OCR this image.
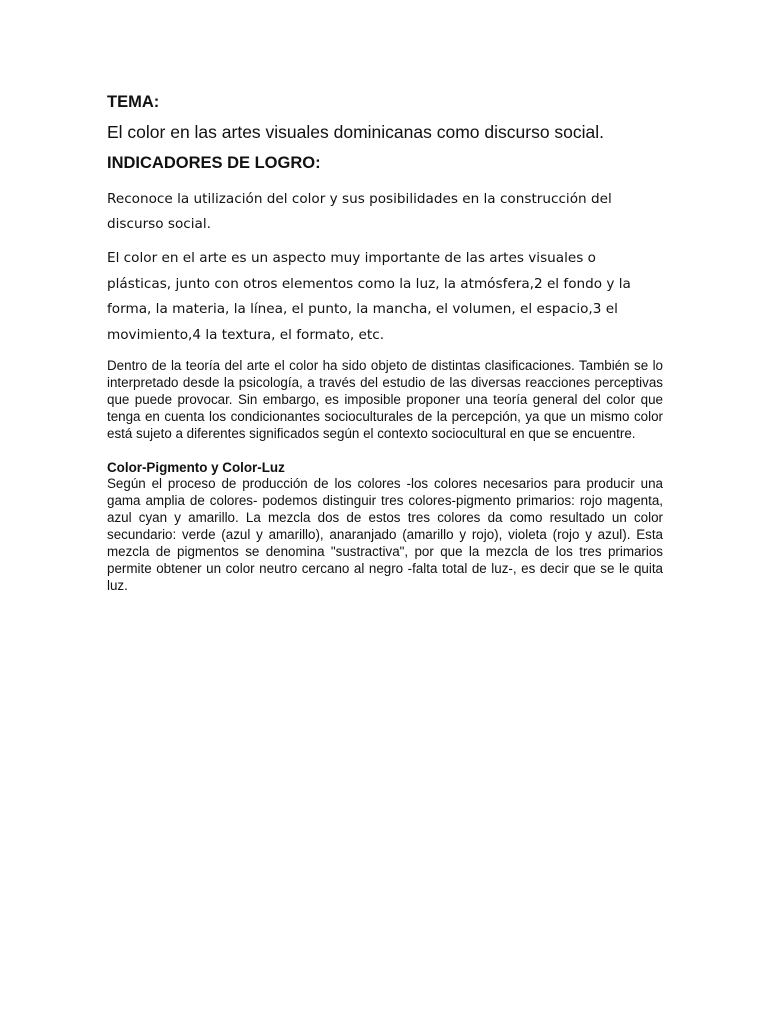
TEMA:

El color en las artes visuales dominicanas como discurso social.

INDICADORES DE LOGRO:

Reconoce la utilización del color y sus posibilidades en la construcción del discurso social.

El color en el arte es un aspecto muy importante de las artes visuales o plásticas, junto con otros elementos como la luz, la atmósfera,2 el fondo y la forma, la materia, la línea, el punto, la mancha, el volumen, el espacio,3 el movimiento,4 la textura, el formato, etc.

Dentro de la teoría del arte el color ha sido objeto de distintas clasificaciones. También se lo interpretado desde la psicología, a través del estudio de las diversas reacciones perceptivas que puede provocar. Sin embargo, es imposible proponer una teoría general del color que tenga en cuenta los condicionantes socioculturales de la percepción, ya que un mismo color está sujeto a diferentes significados según el contexto sociocultural en que se encuentre.

Color-Pigmento y Color-Luz

Según el proceso de producción de los colores -los colores necesarios para producir una gama amplia de colores- podemos distinguir tres colores-pigmento primarios: rojo magenta, azul cyan y amarillo. La mezcla dos de estos tres colores da como resultado un color secundario: verde (azul y amarillo), anaranjado (amarillo y rojo), violeta (rojo y azul). Esta mezcla de pigmentos se denomina "sustractiva", por que la mezcla de los tres primarios permite obtener un color neutro cercano al negro -falta total de luz-, es decir que se le quita luz.
